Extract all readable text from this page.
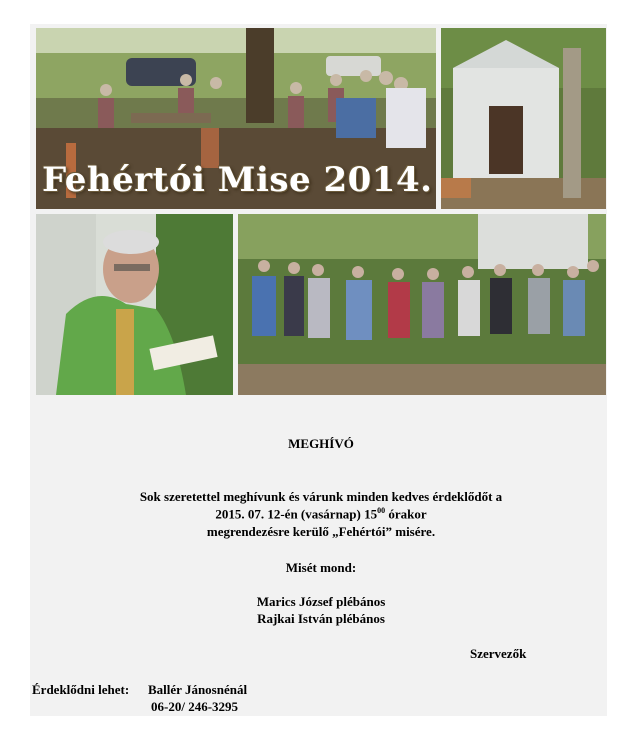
Fehértói Mise 2014.
MEGHÍVÓ
Sok szeretettel meghívunk és várunk minden kedves érdeklődőt a
2015. 07. 12-én (vasárnap) $15^{00}$ órakor
megrendezésre kerülő „Fehértói” misére.
Misét mond:
Marics József plébános
Rajkai István plébános
Szervezők
Érdeklődni lehet: Ballér Jánosnénál
06-20/ 246-3295
